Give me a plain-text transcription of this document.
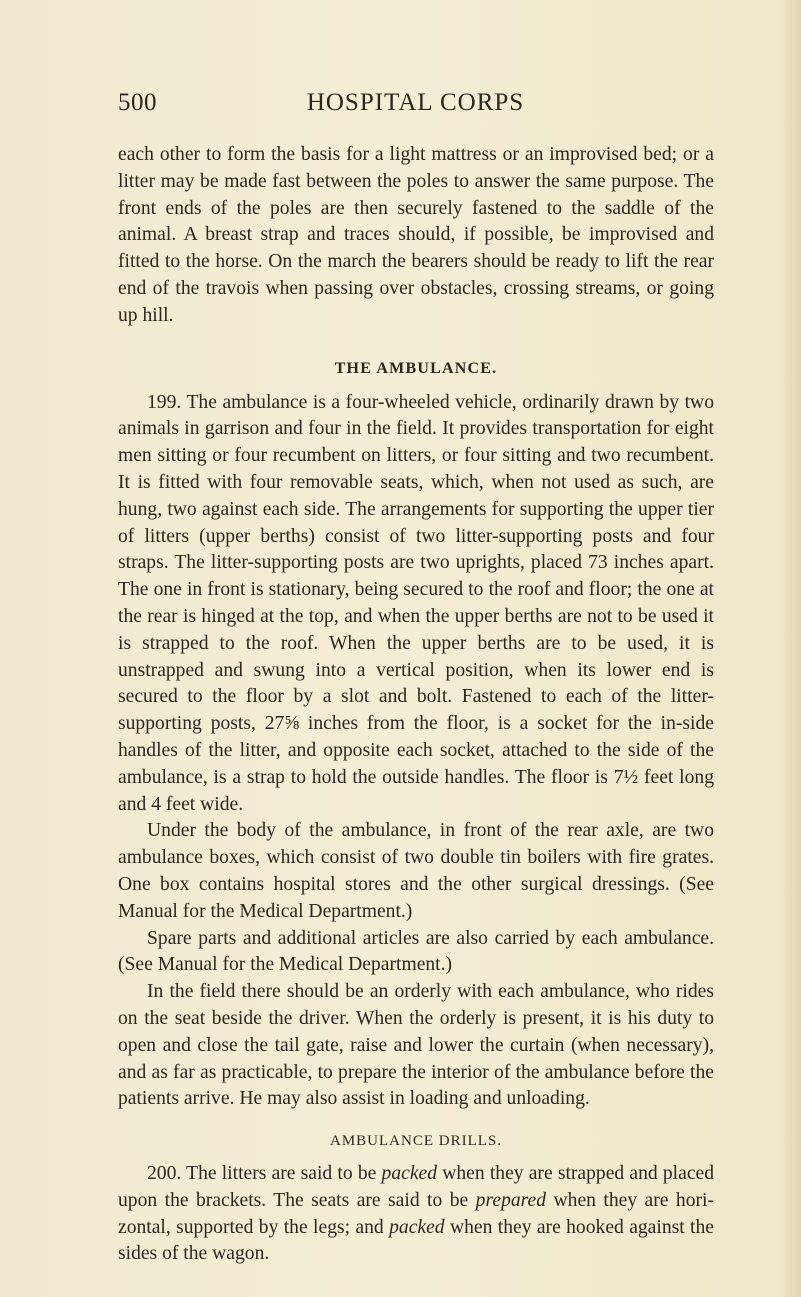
500	HOSPITAL CORPS

each other to form the basis for a light mattress or an improvised bed; or a litter may be made fast between the poles to answer the same purpose. The front ends of the poles are then securely fastened to the saddle of the animal. A breast strap and traces should, if possible, be improvised and fitted to the horse. On the march the bearers should be ready to lift the rear end of the travois when passing over obstacles, crossing streams, or going up hill.

THE AMBULANCE.

199. The ambulance is a four-wheeled vehicle, ordinarily drawn by two animals in garrison and four in the field. It provides transportation for eight men sitting or four recumbent on litters, or four sitting and two recumbent. It is fitted with four removable seats, which, when not used as such, are hung, two against each side. The arrangements for supporting the upper tier of litters (upper berths) consist of two litter-supporting posts and four straps. The litter-supporting posts are two uprights, placed 73 inches apart. The one in front is stationary, being secured to the roof and floor; the one at the rear is hinged at the top, and when the upper berths are not to be used it is strapped to the roof. When the upper berths are to be used, it is unstrapped and swung into a vertical position, when its lower end is secured to the floor by a slot and bolt. Fastened to each of the litter-supporting posts, 27⅝ inches from the floor, is a socket for the in-side handles of the litter, and opposite each socket, attached to the side of the ambulance, is a strap to hold the outside handles. The floor is 7½ feet long and 4 feet wide.

Under the body of the ambulance, in front of the rear axle, are two ambulance boxes, which consist of two double tin boilers with fire grates. One box contains hospital stores and the other surgical dressings. (See Manual for the Medical Department.)

Spare parts and additional articles are also carried by each ambulance. (See Manual for the Medical Department.)

In the field there should be an orderly with each ambulance, who rides on the seat beside the driver. When the orderly is present, it is his duty to open and close the tail gate, raise and lower the curtain (when necessary), and as far as practicable, to prepare the interior of the ambulance before the patients arrive. He may also assist in loading and unloading.

AMBULANCE DRILLS.

200. The litters are said to be packed when they are strapped and placed upon the brackets. The seats are said to be prepared when they are hori-zontal, supported by the legs; and packed when they are hooked against the sides of the wagon.
